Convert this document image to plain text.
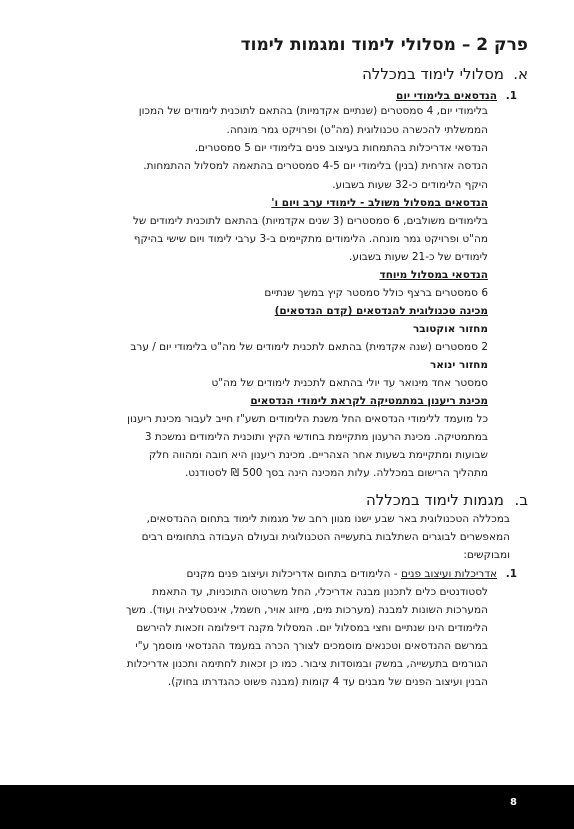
פרק 2 – מסלולי לימוד ומגמות לימוד
א.מסלולי לימוד במכללה
1.הנדסאים בלימודי יום
בלימודי יום, 4 סמסטרים (שנתיים אקדמיות) בהתאם לתוכנית לימודים של המכון
הממשלתי להכשרה טכנולוגית (מה"ט) ופרויקט גמר מונחה.
הנדסאי אדריכלות בהתמחות בעיצוב פנים בלימודי יום 5 סמסטרים.
הנדסה אזרחית (בנין) בלימודי יום 4-5 סמסטרים בהתאמה למסלול ההתמחות.
היקף הלימודים כ-32 שעות בשבוע.
הנדסאים במסלול משולב - לימודי ערב ויום ו'
בלימודים משולבים, 6 סמסטרים (3 שנים אקדמיות) בהתאם לתוכנית לימודים של
מה"ט ופרויקט גמר מונחה. הלימודים מתקיימים ב-3 ערבי לימוד ויום שישי בהיקף
לימודים של כ-21 שעות בשבוע.
הנדסאי במסלול מיוחד
6 סמסטרים ברצף כולל סמסטר קיץ במשך שנתיים
מכינה טכנולוגית להנדסאים (קדם הנדסאים)
מחזור אוקטובר
2 סמסטרים (שנה אקדמית) בהתאם לתכנית לימודים של מה"ט בלימודי יום / ערב
מחזור ינואר
סמסטר אחד מינואר עד יולי בהתאם לתכנית לימודים של מה"ט
מכינת ריענון במתמטיקה לקראת לימודי הנדסאים
כל מועמד ללימודי הנדסאים החל משנת הלימודים תשע"ז חייב לעבור מכינת ריענון
במתמטיקה. מכינת הרענון מתקיימת בחודשי הקיץ ותוכנית הלימודים נמשכת 3
שבועות ומתקיימת בשעות אחר הצהריים. מכינת ריענון היא חובה ומהווה חלק
מתהליך הרישום במכללה. עלות המכינה הינה בסך 500 ₪ לסטודנט.
ב.מגמות לימוד במכללה
במכללה הטכנולוגית באר שבע ישנו מגוון רחב של מגמות לימוד בתחום ההנדסאים,
המאפשרים לבוגרים השתלבות בתעשייה הטכנולוגית ובעולם העבודה בתחומים רבים
ומבוקשים:
1.אדריכלות ועיצוב פנים - הלימודים בתחום אדריכלות ועיצוב פנים מקנים
לסטודנטים כלים לתכנון מבנה אדריכלי, החל משרטוט התוכניות, עד התאמת
המערכות השונות למבנה (מערכות מים, מיזוג אויר, חשמל, אינסטלציה ועוד). משך
הלימודים הינו שנתיים וחצי במסלול יום. המסלול מקנה דיפלומה וזכאות להירשם
במרשם ההנדסאים וטכנאים מוסמכים לצורך הכרה במעמד ההנדסאי מוסמך ע"י
הגורמים בתעשייה, במשק ובמוסדות ציבור. כמו כן זכאות לחתימה ותכנון אדריכלות
הבנין ועיצוב הפנים של מבנים עד 4 קומות (מבנה פשוט כהגדרתו בחוק).
8
